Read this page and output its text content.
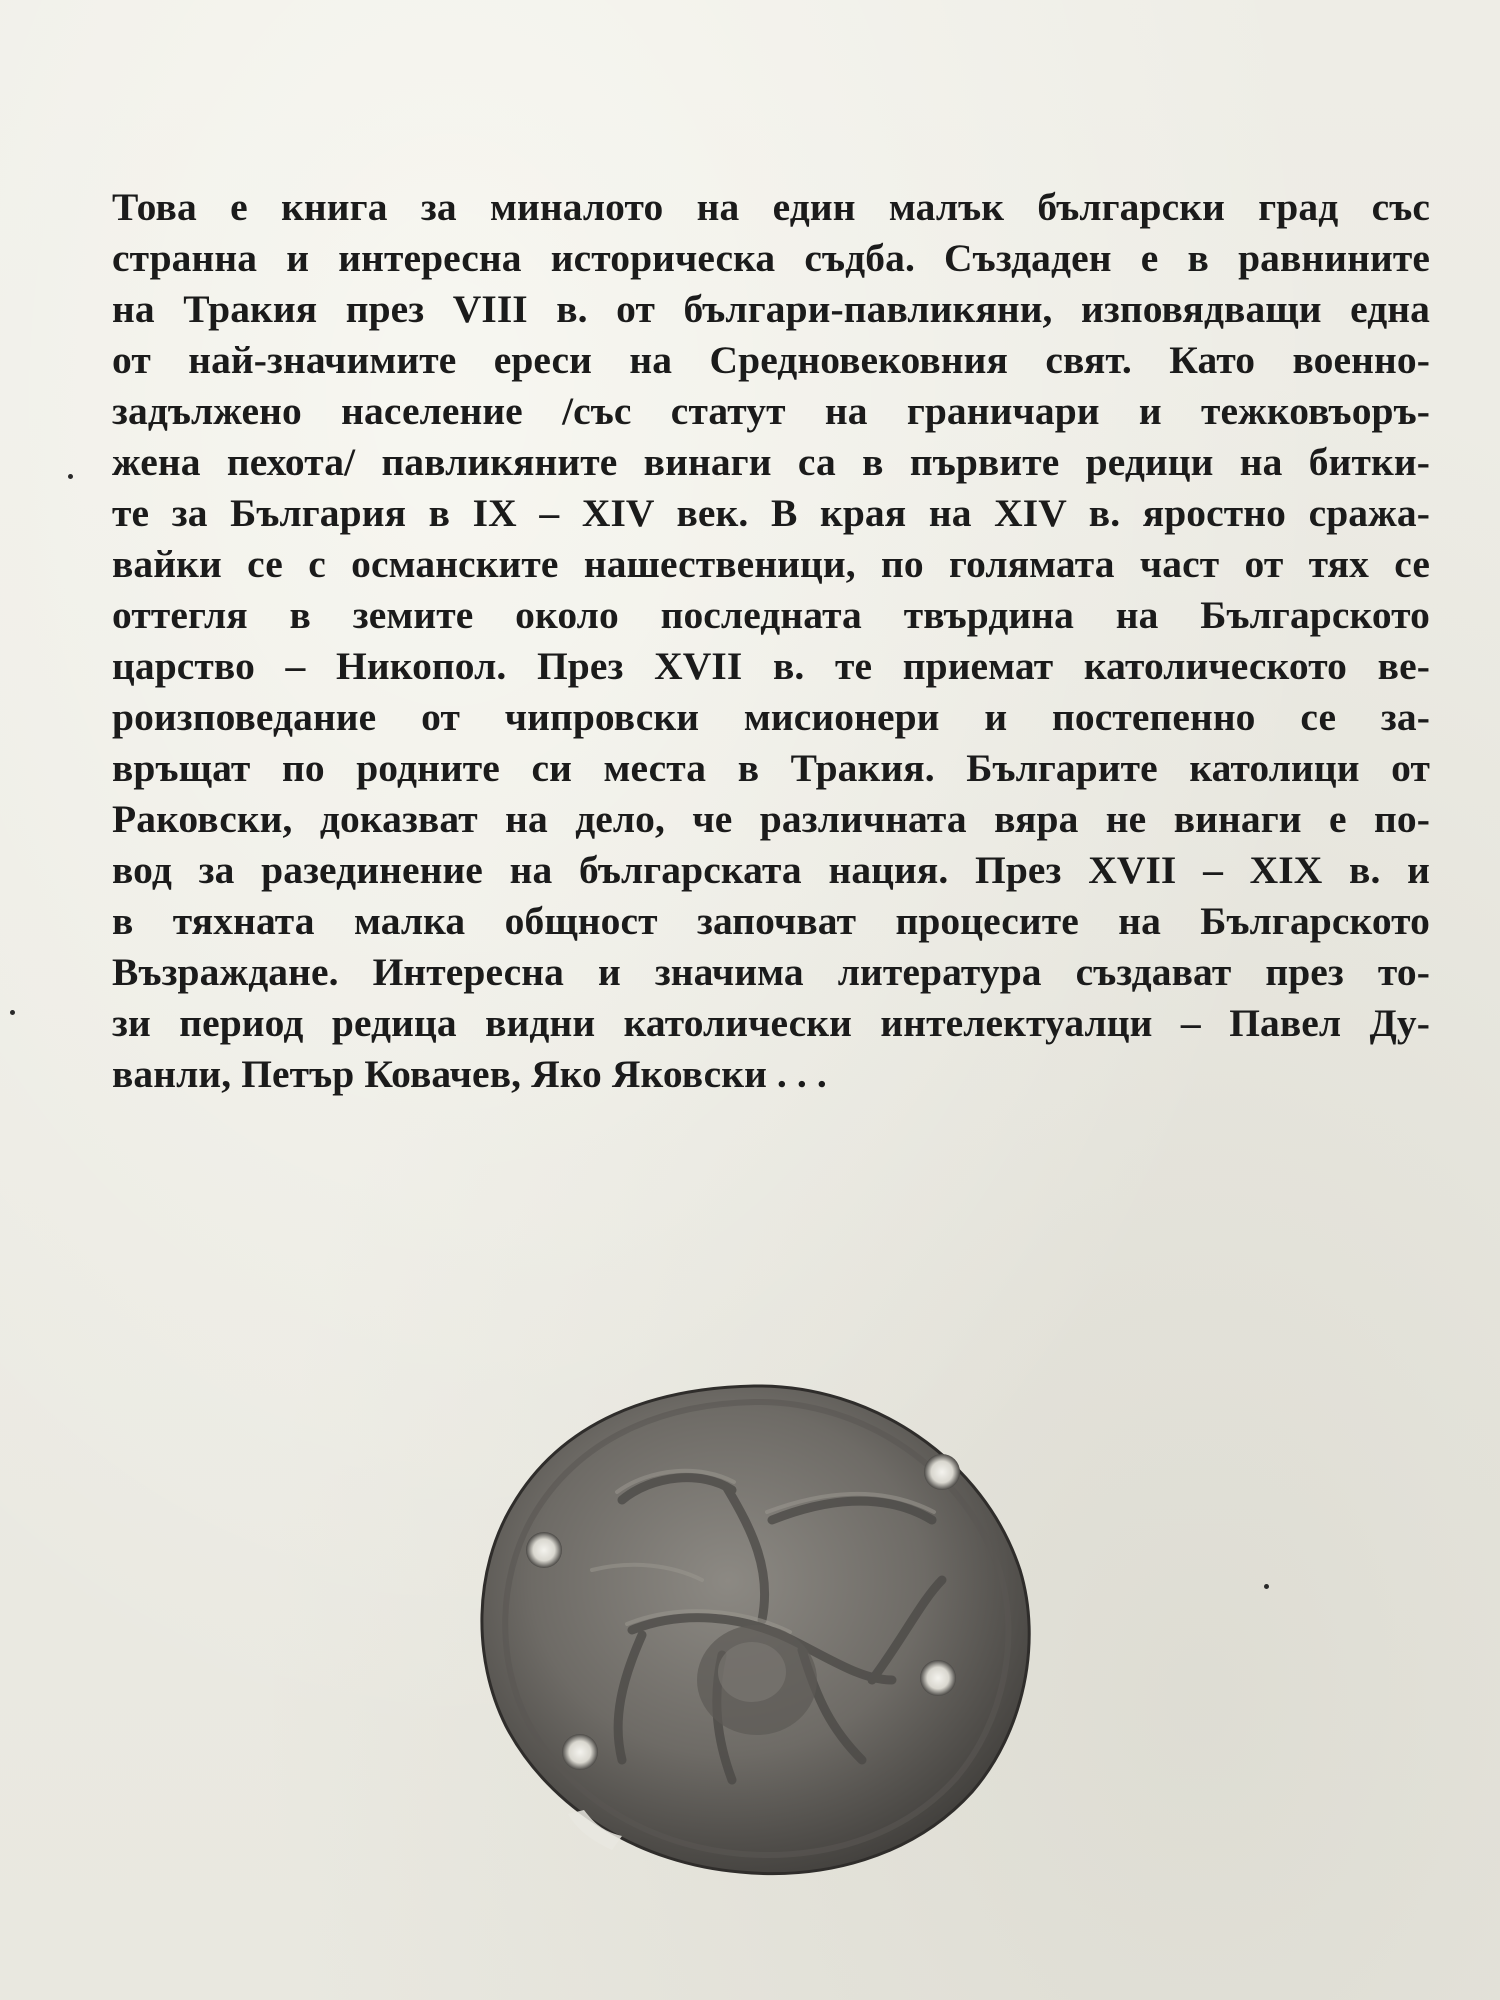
Това е книга за миналото на един малък български град със
странна и интересна историческа съдба. Създаден е в равнините
на Тракия през VIII в. от българи-павликяни, изповядващи една
от най-значимите ереси на Средновековния свят. Като военно-
задължено население /със статут на граничари и тежковъоръ-
жена пехота/ павликяните винаги са в първите редици на битки-
те за България в IX – XIV век. В края на XIV в. яростно сража-
вайки се с османските нашественици, по голямата част от тях се
оттегля в земите около последната твърдина на Българското
царство – Никопол. През XVII в. те приемат католическото ве-
роизповедание от чипровски мисионери и постепенно се за-
връщат по родните си места в Тракия. Българите католици от
Раковски, доказват на дело, че различната вяра не винаги е по-
вод за разединение на българската нация. През XVII – XIX в. и
в тяхната малка общност започват процесите на Българското
Възраждане. Интересна и значима литература създават през то-
зи период редица видни католически интелектуалци – Павел Ду-
ванли, Петър Ковачев, Яко Яковски . . .
